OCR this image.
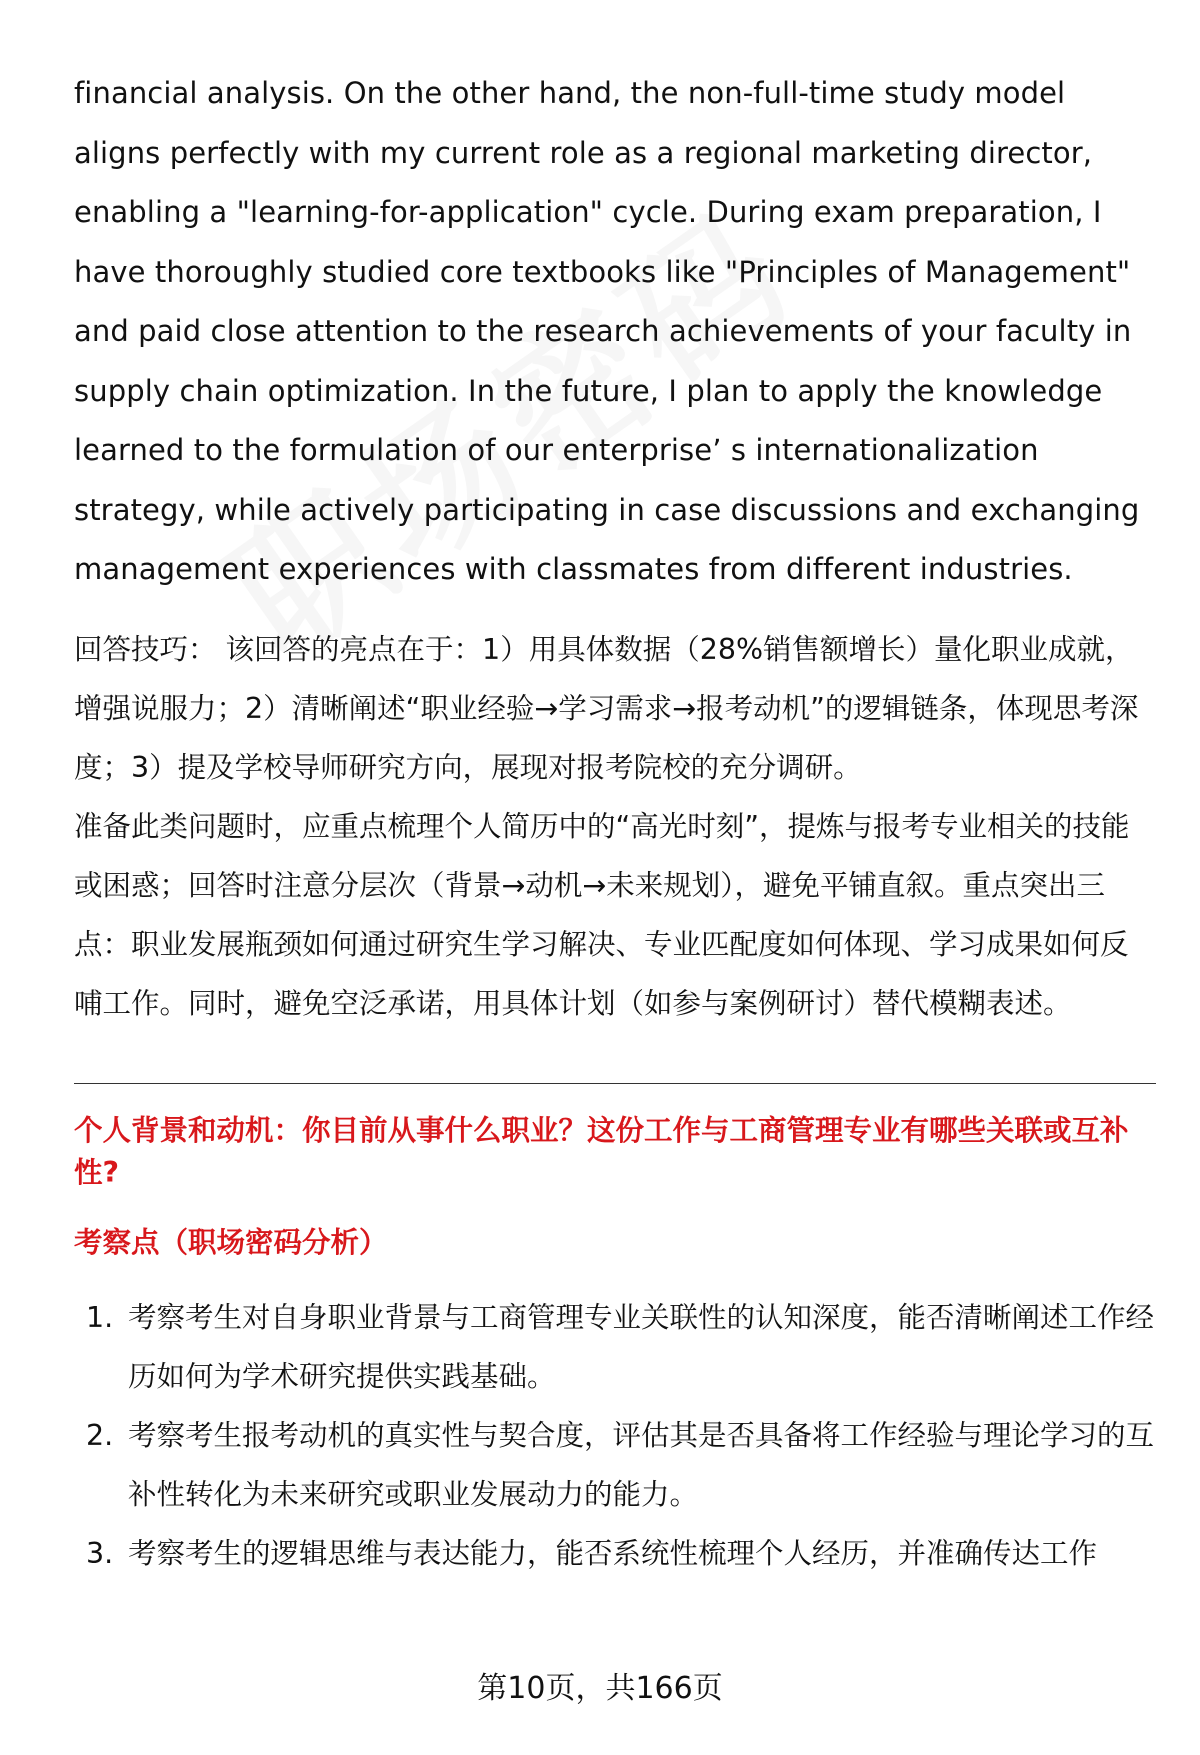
financial analysis. On the other hand, the non-full-time study model aligns perfectly with my current role as a regional marketing director, enabling a "learning-for-application" cycle. During exam preparation, I have thoroughly studied core textbooks like "Principles of Management" and paid close attention to the research achievements of your faculty in supply chain optimization. In the future, I plan to apply the knowledge learned to the formulation of our enterprise’ s internationalization strategy, while actively participating in case discussions and exchanging management experiences with classmates from different industries.

回答技巧： 该回答的亮点在于：1）用具体数据（28%销售额增长）量化职业成就，增强说服力；2）清晰阐述“职业经验→学习需求→报考动机”的逻辑链条，体现思考深度；3）提及学校导师研究方向，展现对报考院校的充分调研。

准备此类问题时，应重点梳理个人简历中的“高光时刻”，提炼与报考专业相关的技能或困惑；回答时注意分层次（背景→动机→未来规划），避免平铺直叙。重点突出三点：职业发展瓶颈如何通过研究生学习解决、专业匹配度如何体现、学习成果如何反哺工作。同时，避免空泛承诺，用具体计划（如参与案例研讨）替代模糊表述。

个人背景和动机：你目前从事什么职业？这份工作与工商管理专业有哪些关联或互补性?
考察点（职场密码分析）
1. 考察考生对自身职业背景与工商管理专业关联性的认知深度，能否清晰阐述工作经历如何为学术研究提供实践基础。
2. 考察考生报考动机的真实性与契合度，评估其是否具备将工作经验与理论学习的互补性转化为未来研究或职业发展动力的能力。
3. 考察考生的逻辑思维与表达能力，能否系统性梳理个人经历，并准确传达工作
第10页，共166页
